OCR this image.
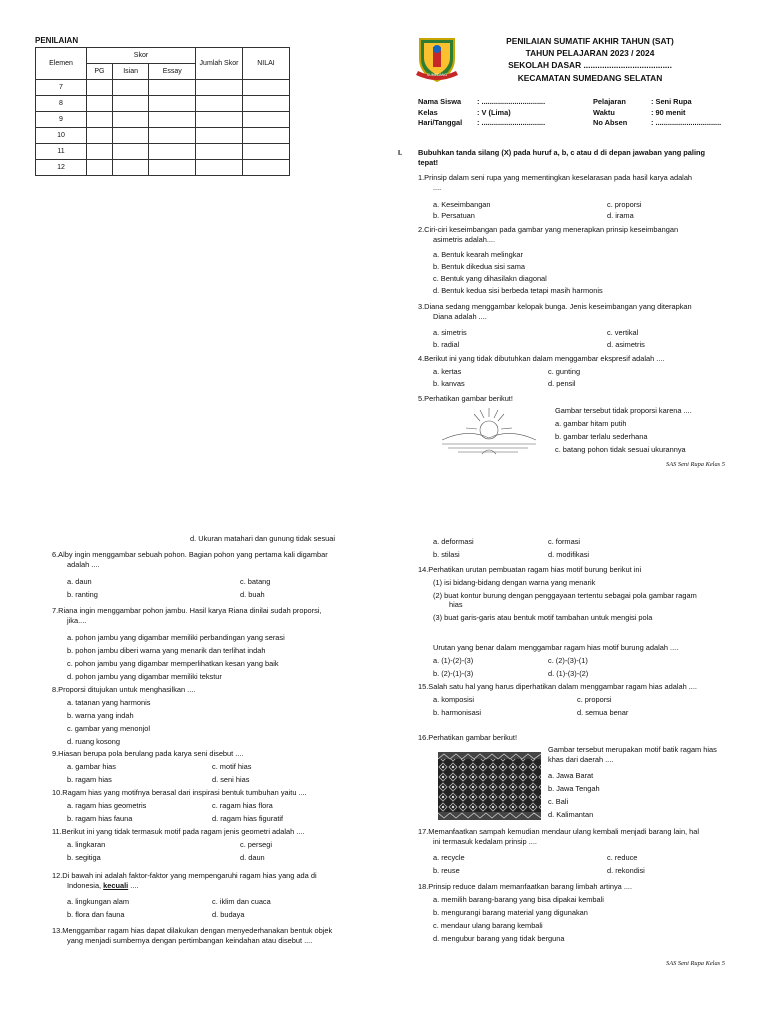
PENILAIAN
Elemen	Skor			Jumlah Skor	NILAI
	PG	Isian	Essay		
7					
8					
9					
10					
11					
12					
SUMEDANG
PENILAIAN SUMATIF AKHIR TAHUN (SAT)
TAHUN PELAJARAN 2023 / 2024
SEKOLAH DASAR ......................................
KECAMATAN SUMEDANG SELATAN
Nama Siswa	: ...............................	Pelajaran	: Seni Rupa
Kelas	: V (Lima)	Waktu	: 90 menit
Hari/Tanggal	: ...............................	No Absen	: ................................
I. Bubuhkan tanda silang (X) pada huruf a, b, c atau d di depan jawaban yang paling
tepat!
1.Prinsip dalam seni rupa yang mementingkan keselarasan pada hasil karya adalah
....
a. Keseimbangan
b. Persatuan
c. proporsi
d. irama
2.Ciri-ciri keseimbangan pada gambar yang menerapkan prinsip keseimbangan
asimetris adalah....
a. Bentuk kearah melingkar
b. Bentuk dikedua sisi sama
c. Bentuk yang dihasilakn diagonal
d. Bentuk kedua sisi berbeda tetapi masih harmonis
3.Diana sedang menggambar kelopak bunga. Jenis keseimbangan yang diterapkan
Diana adalah ....
a. simetris
b. radial
c. vertikal
d. asimetris
4.Berikut ini yang tidak dibutuhkan dalam menggambar ekspresif adalah ....
a. kertas
b. kanvas
c. gunting
d. pensil
5.Perhatikan gambar berikut!
Gambar tersebut tidak proporsi karena ....
a. gambar hitam putih
b. gambar terlalu sederhana
c. batang pohon tidak sesuai ukurannya
SAS Seni Rupa Kelas 5
d. Ukuran matahari dan gunung tidak sesuai
6.Alby ingin menggambar sebuah pohon. Bagian pohon yang pertama kali digambar
adalah ....
a. daun
b. ranting
c. batang
d. buah
7.Riana ingin menggambar pohon jambu. Hasil karya Riana dinilai sudah proporsi,
jika....
a. pohon jambu yang digambar memiliki perbandingan yang serasi
b. pohon jambu diberi warna yang menarik dan terlihat indah
c. pohon jambu yang digambar memperlihatkan kesan yang baik
d. pohon jambu yang digambar memiliki tekstur
8.Proporsi ditujukan untuk menghasilkan ....
a. tatanan yang harmonis
b. warna yang indah
c. gambar yang menonjol
d. ruang kosong
9.Hiasan berupa pola berulang pada karya seni disebut ....
a. gambar hias
b. ragam hias
c. motif hias
d. seni hias
10.Ragam hias yang motifnya berasal dari inspirasi bentuk tumbuhan yaitu ....
a. ragam hias geometris
b. ragam hias fauna
c. ragam hias flora
d. ragam hias figuratif
11.Berikut ini yang tidak termasuk motif pada ragam jenis geometri adalah ....
a. lingkaran
b. segitiga
c. persegi
d. daun
12.Di bawah ini adalah faktor-faktor yang mempengaruhi ragam hias yang ada di
Indonesia, kecuali ....
a. lingkungan alam
b. flora dan fauna
c. iklim dan cuaca
d. budaya
13.Menggambar ragam hias dapat dilakukan dengan menyederhanakan bentuk objek
yang menjadi sumbernya dengan pertimbangan keindahan atau disebut ....
a. deformasi
b. stilasi
c. formasi
d. modifikasi
14.Perhatikan urutan pembuatan ragam hias motif burung berikut ini
(1) isi bidang-bidang dengan warna yang menarik
(2) buat kontur burung dengan penggayaan tertentu sebagai pola gambar ragam
hias
(3) buat garis-garis atau bentuk motif tambahan untuk mengisi pola
Urutan yang benar dalam menggambar ragam hias motif burung adalah ....
a. (1)-(2)-(3)
b. (2)-(1)-(3)
c. (2)-(3)-(1)
d. (1)-(3)-(2)
15.Salah satu hal yang harus diperhatikan dalam menggambar ragam hias adalah ....
a. komposisi
b. harmonisasi
c. proporsi
d. semua benar
16.Perhatikan gambar berikut!
Gambar tersebut merupakan motif batik ragam hias
khas dari daerah ....
a. Jawa Barat
b. Jawa Tengah
c. Bali
d. Kalimantan
17.Memanfaatkan sampah kemudian mendaur ulang kembali menjadi barang lain, hal
ini termasuk kedalam prinsip ....
a. recycle
b. reuse
c. reduce
d. rekondisi
18.Prinsip reduce dalam memanfaatkan barang limbah artinya ....
a. memilih barang-barang yang bisa dipakai kembali
b. mengurangi barang material yang digunakan
c. mendaur ulang barang kembali
d. mengubur barang yang tidak berguna
SAS Seni Rupa Kelas 5
